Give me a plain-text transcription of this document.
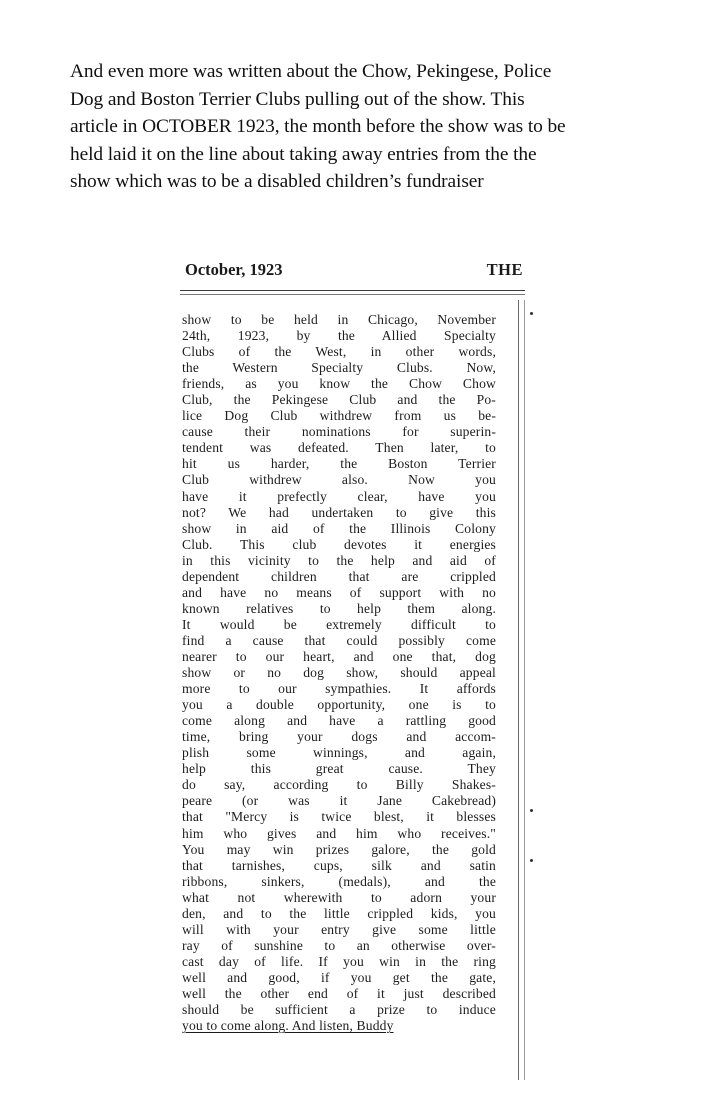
And even more was written about the Chow, Pekingese, Police
Dog and Boston Terrier Clubs pulling out of the show. This
article in OCTOBER 1923, the month before the show was to be
held laid it on the line about taking away entries from the the
show which was to be a disabled children’s fundraiser
October, 1923	THE
show to be held in Chicago, November
24th, 1923, by the Allied Specialty
Clubs of the West, in other words,
the Western Specialty Clubs. Now,
friends, as you know the Chow Chow
Club, the Pekingese Club and the Po-
lice Dog Club withdrew from us be-
cause their nominations for superin-
tendent was defeated. Then later, to
hit us harder, the Boston Terrier
Club withdrew also. Now you
have it prefectly clear, have you
not? We had undertaken to give this
show in aid of the Illinois Colony
Club. This club devotes it energies
in this vicinity to the help and aid of
dependent children that are crippled
and have no means of support with no
known relatives to help them along.
It would be extremely difficult to
find a cause that could possibly come
nearer to our heart, and one that, dog
show or no dog show, should appeal
more to our sympathies. It affords
you a double opportunity, one is to
come along and have a rattling good
time, bring your dogs and accom-
plish some winnings, and again,
help this great cause. They
do say, according to Billy Shakes-
peare (or was it Jane Cakebread)
that "Mercy is twice blest, it blesses
him who gives and him who receives."
You may win prizes galore, the gold
that tarnishes, cups, silk and satin
ribbons, sinkers, (medals), and the
what not wherewith to adorn your
den, and to the little crippled kids, you
will with your entry give some little
ray of sunshine to an otherwise over-
cast day of life. If you win in the ring
well and good, if you get the gate,
well the other end of it just described
should be sufficient a prize to induce
you to come along. And listen, Buddy
